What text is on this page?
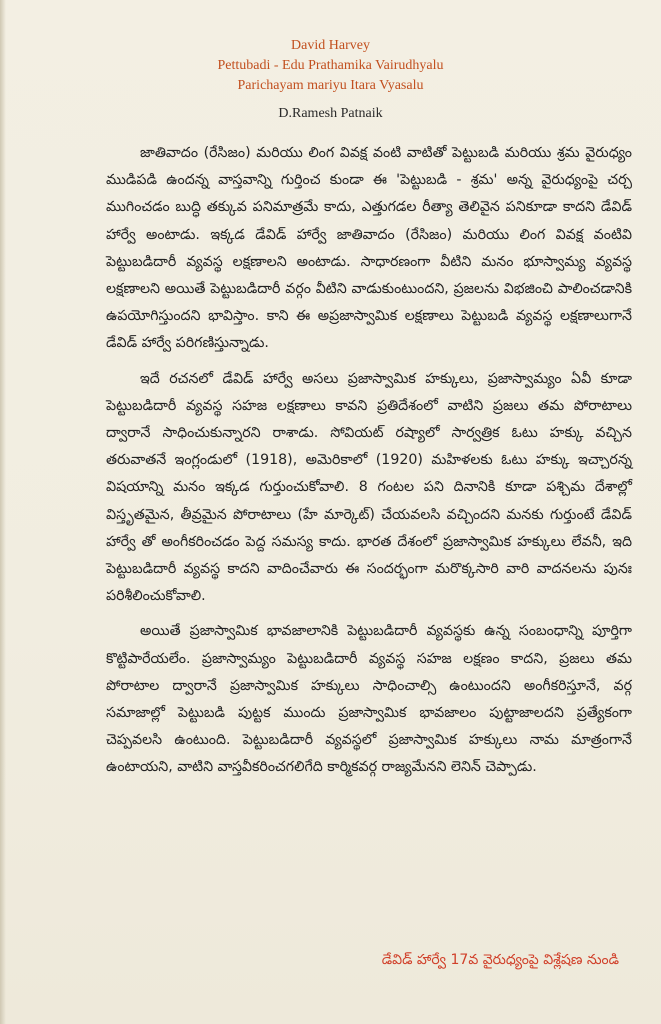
David Harvey
Pettubadi - Edu Prathamika Vairudhyalu
Parichayam mariyu Itara Vyasalu
D.Ramesh Patnaik

జాతివాదం (రేసిజం) మరియు లింగ వివక్ష వంటి వాటితో పెట్టుబడి మరియు శ్రమ వైరుధ్యం ముడిపడి ఉందన్న వాస్తవాన్ని గుర్తించ కుండా ఈ 'పెట్టుబడి - శ్రమ' అన్న వైరుధ్యంపై చర్చ ముగించడం బుద్ధి తక్కువ పనిమాత్రమే కాదు, ఎత్తుగడల రీత్యా తెలివైన పనికూడా కాదని డేవిడ్ హార్వే అంటాడు. ఇక్కడ డేవిడ్ హార్వే జాతివాదం (రేసిజం) మరియు లింగ వివక్ష వంటివి పెట్టుబడిదారీ వ్యవస్థ లక్షణాలని అంటాడు. సాధారణంగా వీటిని మనం భూస్వామ్య వ్యవస్థ లక్షణాలని అయితే పెట్టుబడిదారీ వర్గం వీటిని వాడుకుంటుందని, ప్రజలను విభజించి పాలించడానికి ఉపయోగిస్తుందని భావిస్తాం. కాని ఈ అప్రజాస్వామిక లక్షణాలు పెట్టుబడి వ్యవస్థ లక్షణాలుగానే డేవిడ్ హార్వే పరిగణిస్తున్నాడు.

ఇదే రచనలో డేవిడ్ హార్వే అసలు ప్రజాస్వామిక హక్కులు, ప్రజాస్వామ్యం ఏవీ కూడా పెట్టుబడిదారీ వ్యవస్థ సహజ లక్షణాలు కావని ప్రతిదేశంలో వాటిని ప్రజలు తమ పోరాటాలు ద్వారానే సాధించుకున్నారని రాశాడు. సోవియట్ రష్యాలో సార్వత్రిక ఓటు హక్కు వచ్చిన తరువాతనే ఇంగ్లండులో (1918), అమెరికాలో (1920) మహిళలకు ఓటు హక్కు ఇచ్చారన్న విషయాన్ని మనం ఇక్కడ గుర్తుంచుకోవాలి. 8 గంటల పని దినానికి కూడా పశ్చిమ దేశాల్లో విస్తృతమైన, తీవ్రమైన పోరాటాలు (హే మార్కెట్) చేయవలసి వచ్చిందని మనకు గుర్తుంటే డేవిడ్ హార్వే తో అంగీకరించడం పెద్ద సమస్య కాదు. భారత దేశంలో ప్రజాస్వామిక హక్కులు లేవనీ, ఇది పెట్టుబడిదారీ వ్యవస్థ కాదని వాదించేవారు ఈ సందర్భంగా మరొక్కసారి వారి వాదనలను పునః పరిశీలించుకోవాలి.

అయితే ప్రజాస్వామిక భావజాలానికి పెట్టుబడిదారీ వ్యవస్థకు ఉన్న సంబంధాన్ని పూర్తిగా కొట్టిపారేయలేం. ప్రజాస్వామ్యం పెట్టుబడిదారీ వ్యవస్థ సహజ లక్షణం కాదని, ప్రజలు తమ పోరాటాల ద్వారానే ప్రజాస్వామిక హక్కులు సాధించాల్సి ఉంటుందని అంగీకరిస్తూనే, వర్గ సమాజాల్లో పెట్టుబడి పుట్టక ముందు ప్రజాస్వామిక భావజాలం పుట్టాజాలదని ప్రత్యేకంగా చెప్పవలసి ఉంటుంది. పెట్టుబడిదారీ వ్యవస్థలో ప్రజాస్వామిక హక్కులు నామ మాత్రంగానే ఉంటాయని, వాటిని వాస్తవీకరించగలిగేది కార్మికవర్గ రాజ్యమేనని లెనిన్ చెప్పాడు.

డేవిడ్ హార్వే 17వ వైరుధ్యంపై విశ్లేషణ నుండి
